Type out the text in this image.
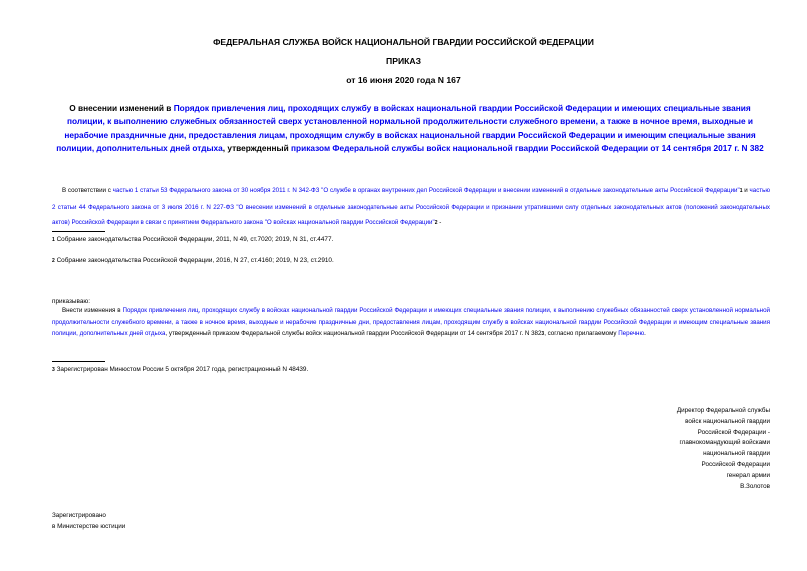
ФЕДЕРАЛЬНАЯ СЛУЖБА ВОЙСК НАЦИОНАЛЬНОЙ ГВАРДИИ РОССИЙСКОЙ ФЕДЕРАЦИИ
ПРИКАЗ
от 16 июня 2020 года N 167
О внесении изменений в Порядок привлечения лиц, проходящих службу в войсках национальной гвардии Российской Федерации и имеющих специальные звания полиции, к выполнению служебных обязанностей сверх установленной нормальной продолжительности служебного времени, а также в ночное время, выходные и нерабочие праздничные дни, предоставления лицам, проходящим службу в войсках национальной гвардии Российской Федерации и имеющим специальные звания полиции, дополнительных дней отдыха, утвержденный приказом Федеральной службы войск национальной гвардии Российской Федерации от 14 сентября 2017 г. N 382
В соответствии с частью 1 статьи 53 Федерального закона от 30 ноября 2011 г. N 342-ФЗ "О службе в органах внутренних дел Российской Федерации и внесении изменений в отдельные законодательные акты Российской Федерации"1 и частью 2 статьи 44 Федерального закона от 3 июля 2016 г. N 227-ФЗ "О внесении изменений в отдельные законодательные акты Российской Федерации и признании утратившими силу отдельных законодательных актов (положений законодательных актов) Российской Федерации в связи с принятием Федерального закона "О войсках национальной гвардии Российской Федерации"2 -
1 Собрание законодательства Российской Федерации, 2011, N 49, ст.7020; 2019, N 31, ст.4477.
2 Собрание законодательства Российской Федерации, 2016, N 27, ст.4160; 2019, N 23, ст.2910.
приказываю:
Внести изменения в Порядок привлечения лиц, проходящих службу в войсках национальной гвардии Российской Федерации и имеющих специальные звания полиции, к выполнению служебных обязанностей сверх установленной нормальной продолжительности служебного времени, а также в ночное время, выходные и нерабочие праздничные дни, предоставления лицам, проходящим службу в войсках национальной гвардии Российской Федерации и имеющим специальные звания полиции, дополнительных дней отдыха, утвержденный приказом Федеральной службы войск национальной гвардии Российской Федерации от 14 сентября 2017 г. N 3823, согласно прилагаемому Перечню.
3 Зарегистрирован Минюстом России 5 октября 2017 года, регистрационный N 48439.
Директор Федеральной службы
войск национальной гвардии
Российской Федерации -
главнокомандующий войсками
национальной гвардии
Российской Федерации
генерал армии
В.Золотов
Зарегистрировано
в Министерстве юстиции
